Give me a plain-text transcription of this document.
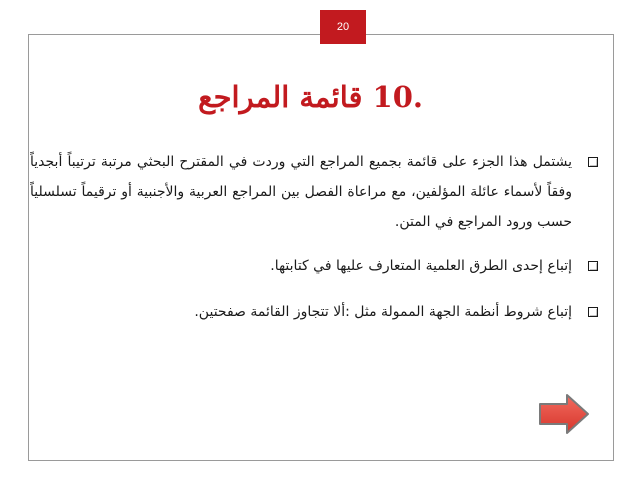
20
.10 قائمة المراجع
يشتمل هذا الجزء على قائمة بجميع المراجع التي وردت في المقترح البحثي مرتبة ترتيباً أبجدياً وفقاً لأسماء عائلة المؤلفين، مع مراعاة الفصل بين المراجع العربية والأجنبية أو ترقيماً تسلسلياً حسب ورود المراجع في المتن.
إتباع إحدى الطرق العلمية المتعارف عليها في كتابتها.
إتباع شروط أنظمة الجهة الممولة مثل :ألا تتجاوز القائمة صفحتين.
